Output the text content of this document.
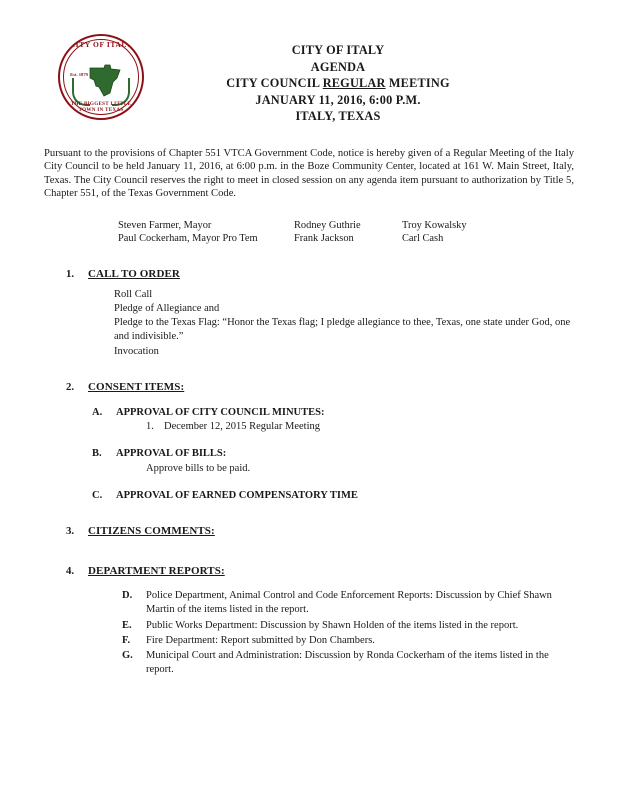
CITY OF ITALY
Est. 1879
THE BIGGEST LITTLE TOWN IN TEXAS
CITY OF ITALY
AGENDA
CITY COUNCIL REGULAR MEETING
JANUARY 11, 2016, 6:00 P.M.
ITALY, TEXAS
Pursuant to the provisions of Chapter 551 VTCA Government Code, notice is hereby given of a Regular Meeting of the Italy City Council to be held January 11, 2016, at 6:00 p.m. in the Boze Community Center, located at 161 W. Main Street, Italy, Texas. The City Council reserves the right to meet in closed session on any agenda item pursuant to authorization by Title 5, Chapter 551, of the Texas Government Code.
Steven Farmer, Mayor	Rodney Guthrie	Troy Kowalsky
Paul Cockerham, Mayor Pro Tem	Frank Jackson	Carl Cash
1. CALL TO ORDER
Roll Call
Pledge of Allegiance and
Pledge to the Texas Flag: “Honor the Texas flag; I pledge allegiance to thee, Texas, one state under God, one and indivisible.”
Invocation
2. CONSENT ITEMS:
A. APPROVAL OF CITY COUNCIL MINUTES:
1. December 12, 2015 Regular Meeting
B. APPROVAL OF BILLS:
Approve bills to be paid.
C. APPROVAL OF EARNED COMPENSATORY TIME
3. CITIZENS COMMENTS:
4. DEPARTMENT REPORTS:
D. Police Department, Animal Control and Code Enforcement Reports: Discussion by Chief Shawn Martin of the items listed in the report.
E. Public Works Department: Discussion by Shawn Holden of the items listed in the report.
F. Fire Department: Report submitted by Don Chambers.
G. Municipal Court and Administration: Discussion by Ronda Cockerham of the items listed in the report.
